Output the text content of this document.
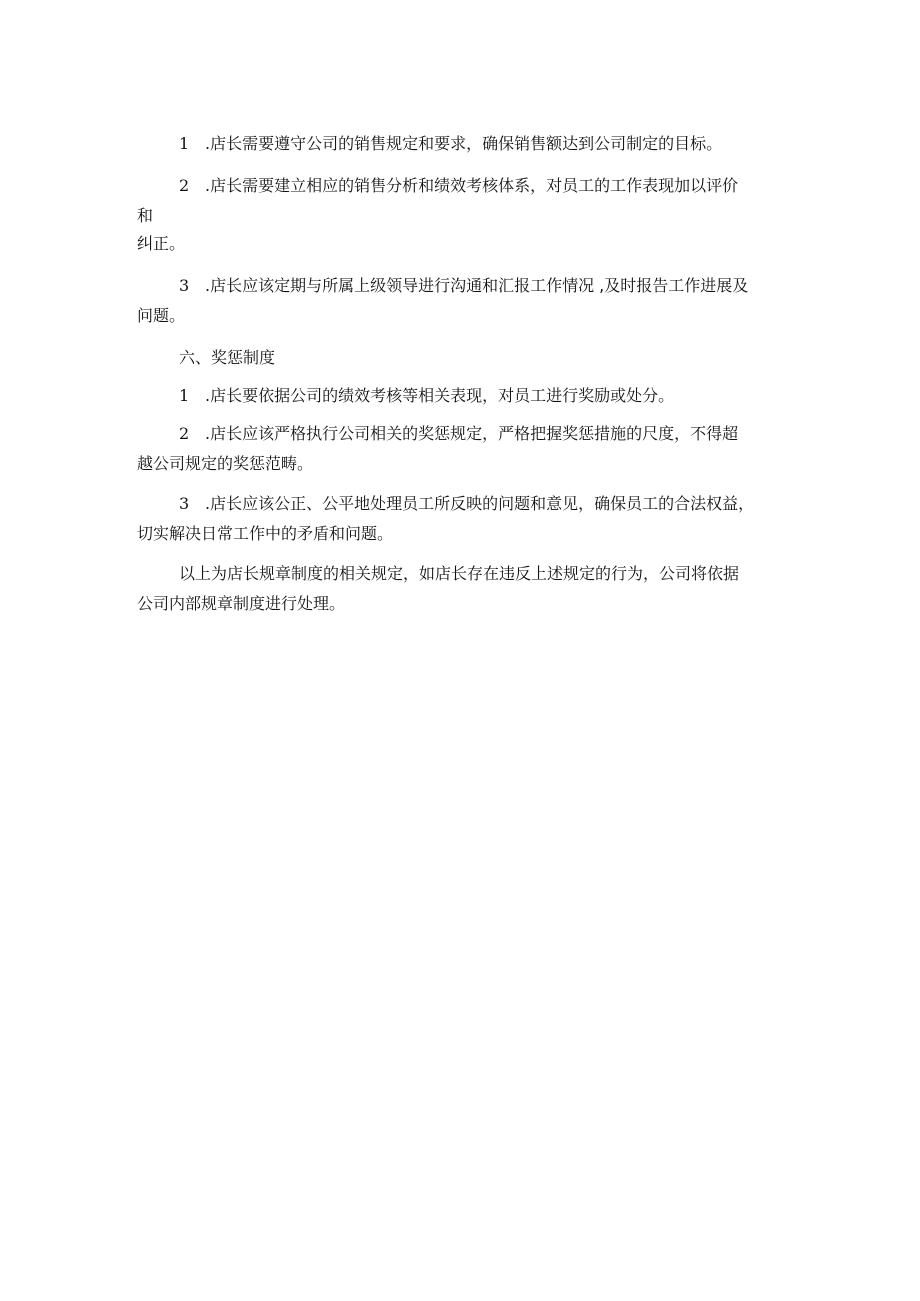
1 .店长需要遵守公司的销售规定和要求，确保销售额达到公司制定的目标。
2 .店长需要建立相应的销售分析和绩效考核体系，对员工的工作表现加以评价
和
纠正。
3 .店长应该定期与所属上级领导进行沟通和汇报工作情况 ,及时报告工作进展及
问题。
六、奖惩制度
1 .店长要依据公司的绩效考核等相关表现，对员工进行奖励或处分。
2 .店长应该严格执行公司相关的奖惩规定，严格把握奖惩措施的尺度，不得超
越公司规定的奖惩范畴。
3 .店长应该公正、公平地处理员工所反映的问题和意见，确保员工的合法权益，
切实解决日常工作中的矛盾和问题。
以上为店长规章制度的相关规定，如店长存在违反上述规定的行为，公司将依据
公司内部规章制度进行处理。
